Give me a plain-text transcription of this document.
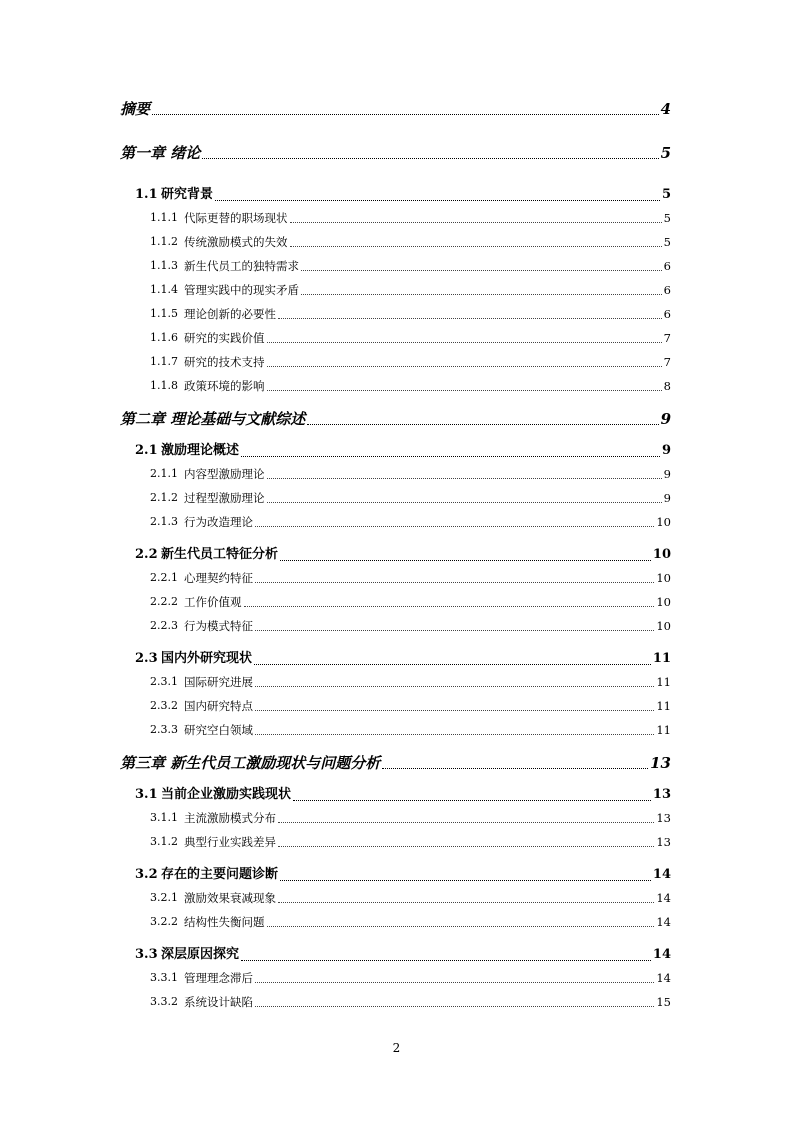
摘要	4
第一章 绪论	5
1.1 研究背景	5
1.1.1 代际更替的职场现状	5
1.1.2 传统激励模式的失效	5
1.1.3 新生代员工的独特需求	6
1.1.4 管理实践中的现实矛盾	6
1.1.5 理论创新的必要性	6
1.1.6 研究的实践价值	7
1.1.7 研究的技术支持	7
1.1.8 政策环境的影响	8
第二章 理论基础与文献综述	9
2.1 激励理论概述	9
2.1.1 内容型激励理论	9
2.1.2 过程型激励理论	9
2.1.3 行为改造理论	10
2.2 新生代员工特征分析	10
2.2.1 心理契约特征	10
2.2.2 工作价值观	10
2.2.3 行为模式特征	10
2.3 国内外研究现状	11
2.3.1 国际研究进展	11
2.3.2 国内研究特点	11
2.3.3 研究空白领域	11
第三章 新生代员工激励现状与问题分析	13
3.1 当前企业激励实践现状	13
3.1.1 主流激励模式分布	13
3.1.2 典型行业实践差异	13
3.2 存在的主要问题诊断	14
3.2.1 激励效果衰减现象	14
3.2.2 结构性失衡问题	14
3.3 深层原因探究	14
3.3.1 管理理念滞后	14
3.3.2 系统设计缺陷	15
2
